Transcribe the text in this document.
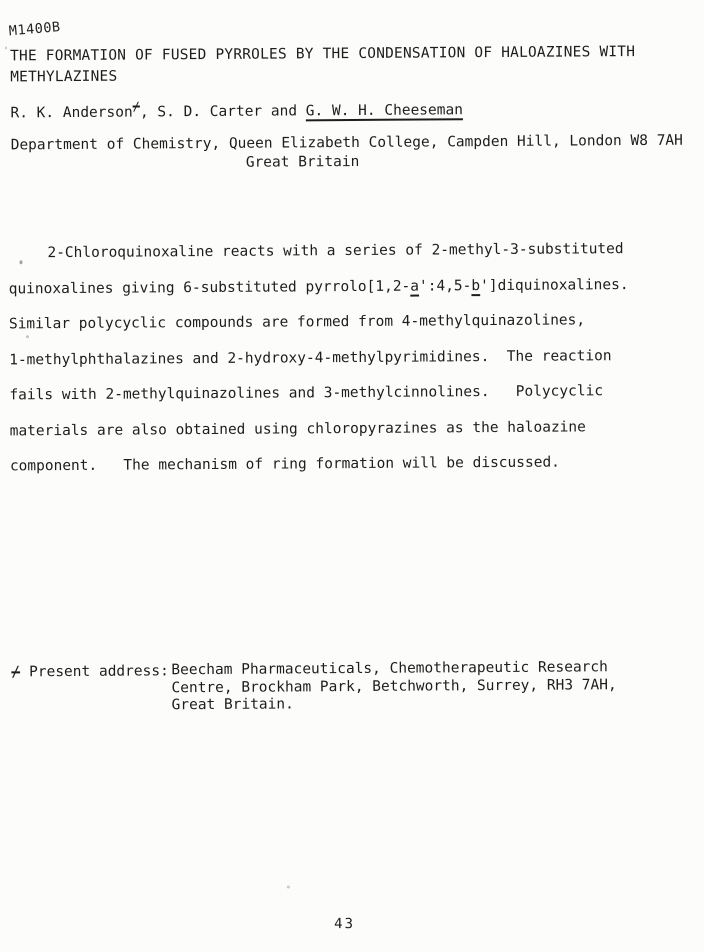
M1400B
THE FORMATION OF FUSED PYRROLES BY THE CONDENSATION OF HALOAZINES WITH
METHYLAZINES
R. K. Anderson/, S. D. Carter and G. W. H. Cheeseman
Department of Chemistry, Queen Elizabeth College, Campden Hill, London W8 7AH
Great Britain
2-Chloroquinoxaline reacts with a series of 2-methyl-3-substituted
quinoxalines giving 6-substituted pyrrolo[1,2-a':4,5-b']diquinoxalines.
Similar polycyclic compounds are formed from 4-methylquinazolines,
1-methylphthalazines and 2-hydroxy-4-methylpyrimidines.  The reaction
fails with 2-methylquinazolines and 3-methylcinnolines.   Polycyclic
materials are also obtained using chloropyrazines as the haloazine
component.   The mechanism of ring formation will be discussed.
/ Present address: Beecham Pharmaceuticals, Chemotherapeutic Research
Centre, Brockham Park, Betchworth, Surrey, RH3 7AH,
Great Britain.
43
